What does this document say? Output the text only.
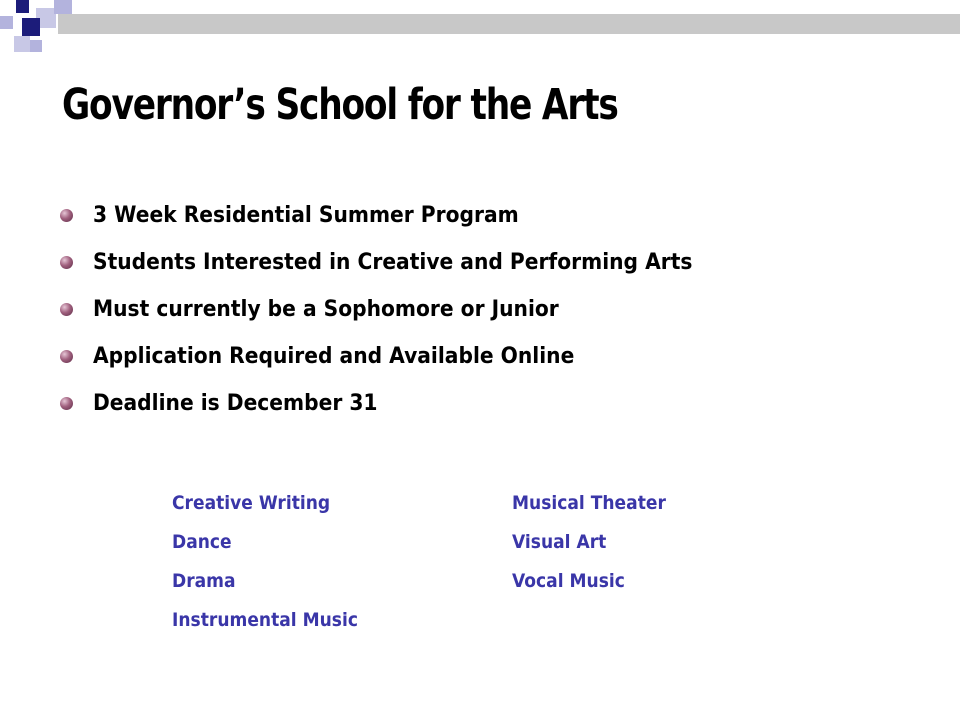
Governor’s School for the Arts
3 Week Residential Summer Program
Students Interested in Creative and Performing Arts
Must currently be a Sophomore or Junior
Application Required and Available Online
Deadline is December 31
Creative Writing
Dance
Drama
Instrumental Music
Musical Theater
Visual Art
Vocal Music
